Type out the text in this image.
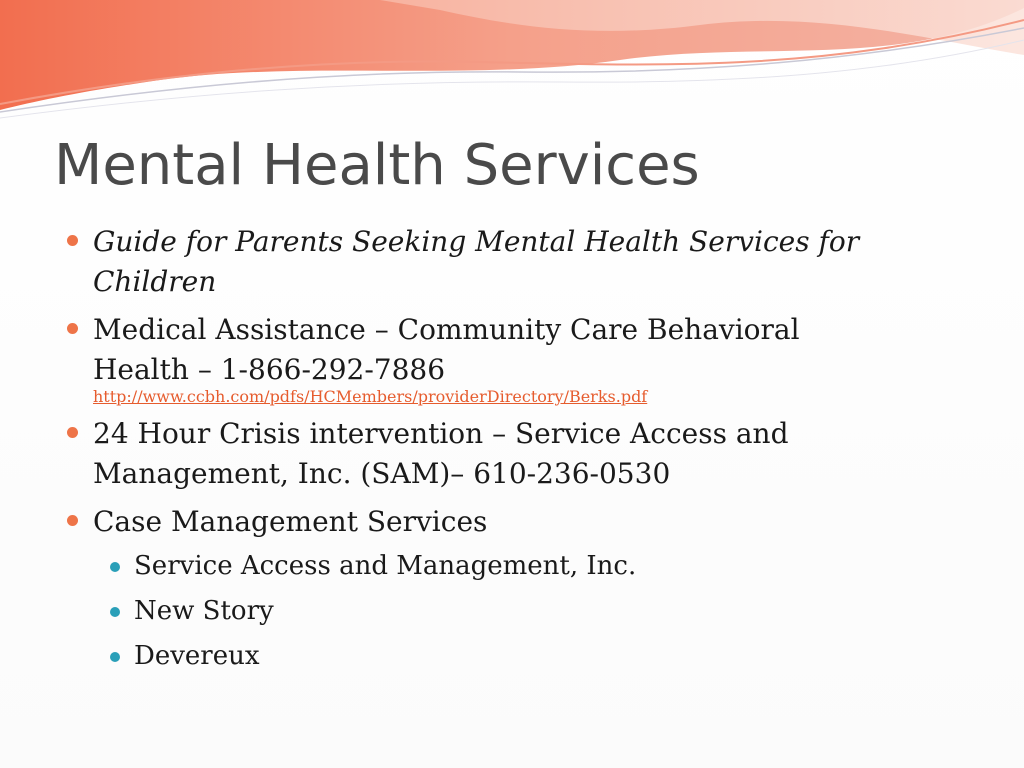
Mental Health Services
Guide for Parents Seeking Mental Health Services for
Children
Medical Assistance – Community Care Behavioral
Health – 1-866-292-7886
http://www.ccbh.com/pdfs/HCMembers/providerDirectory/Berks.pdf
24 Hour Crisis intervention – Service Access and
Management, Inc. (SAM)– 610-236-0530
Case Management Services
Service Access and Management, Inc.
New Story
Devereux
